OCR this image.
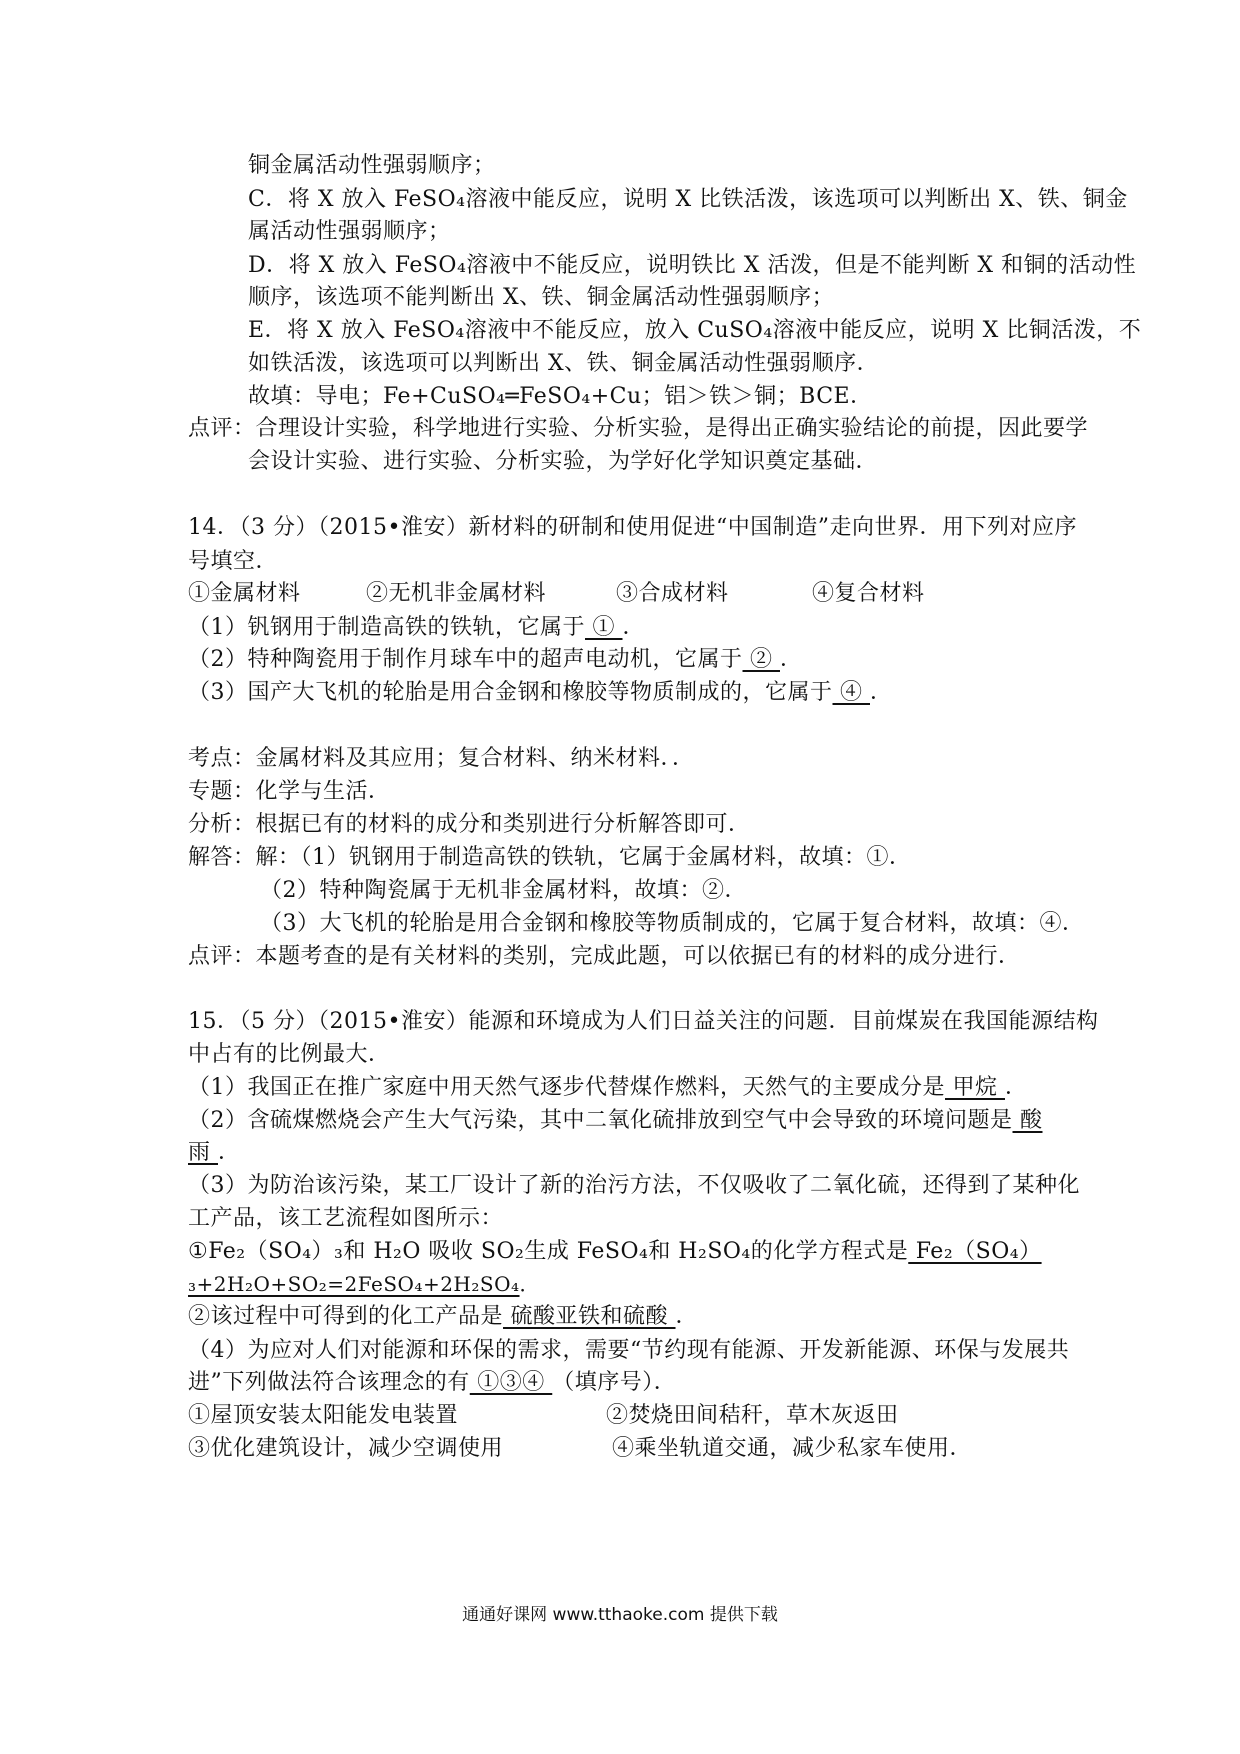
铜金属活动性强弱顺序；
C．将 X 放入 FeSO₄溶液中能反应，说明 X 比铁活泼，该选项可以判断出 X、铁、铜金
属活动性强弱顺序；
D．将 X 放入 FeSO₄溶液中不能反应，说明铁比 X 活泼，但是不能判断 X 和铜的活动性
顺序，该选项不能判断出 X、铁、铜金属活动性强弱顺序；
E．将 X 放入 FeSO₄溶液中不能反应，放入 CuSO₄溶液中能反应，说明 X 比铜活泼，不
如铁活泼，该选项可以判断出 X、铁、铜金属活动性强弱顺序．
故填：导电；Fe+CuSO₄═FeSO₄+Cu；铝＞铁＞铜；BCE．
点评：合理设计实验，科学地进行实验、分析实验，是得出正确实验结论的前提，因此要学
会设计实验、进行实验、分析实验，为学好化学知识奠定基础．
14．（3 分）（2015•淮安）新材料的研制和使用促进“中国制造”走向世界．用下列对应序
号填空．
①金属材料	②无机非金属材料	③合成材料	④复合材料
（1）钒钢用于制造高铁的铁轨，它属于 ① ．
（2）特种陶瓷用于制作月球车中的超声电动机，它属于 ② ．
（3）国产大飞机的轮胎是用合金钢和橡胶等物质制成的，它属于 ④ ．
考点：金属材料及其应用；复合材料、纳米材料．．
专题：化学与生活．
分析：根据已有的材料的成分和类别进行分析解答即可．
解答：解：（1）钒钢用于制造高铁的铁轨，它属于金属材料，故填：①．
（2）特种陶瓷属于无机非金属材料，故填：②．
（3）大飞机的轮胎是用合金钢和橡胶等物质制成的，它属于复合材料，故填：④．
点评：本题考查的是有关材料的类别，完成此题，可以依据已有的材料的成分进行．
15．（5 分）（2015•淮安）能源和环境成为人们日益关注的问题．目前煤炭在我国能源结构
中占有的比例最大．
（1）我国正在推广家庭中用天然气逐步代替煤作燃料，天然气的主要成分是 甲烷 ．
（2）含硫煤燃烧会产生大气污染，其中二氧化硫排放到空气中会导致的环境问题是 酸
雨 ．
（3）为防治该污染，某工厂设计了新的治污方法，不仅吸收了二氧化硫，还得到了某种化
工产品，该工艺流程如图所示：
①Fe₂（SO₄）₃和 H₂O 吸收 SO₂生成 FeSO₄和 H₂SO₄的化学方程式是 Fe₂（SO₄）
₃+2H₂O+SO₂=2FeSO₄+2H₂SO₄．
②该过程中可得到的化工产品是 硫酸亚铁和硫酸 ．
（4）为应对人们对能源和环保的需求，需要“节约现有能源、开发新能源、环保与发展共
进”下列做法符合该理念的有 ①③④ （填序号）．
①屋顶安装太阳能发电装置	②焚烧田间秸秆，草木灰返田
③优化建筑设计，减少空调使用	④乘坐轨道交通，减少私家车使用．
通通好课网 www.tthaoke.com 提供下载
